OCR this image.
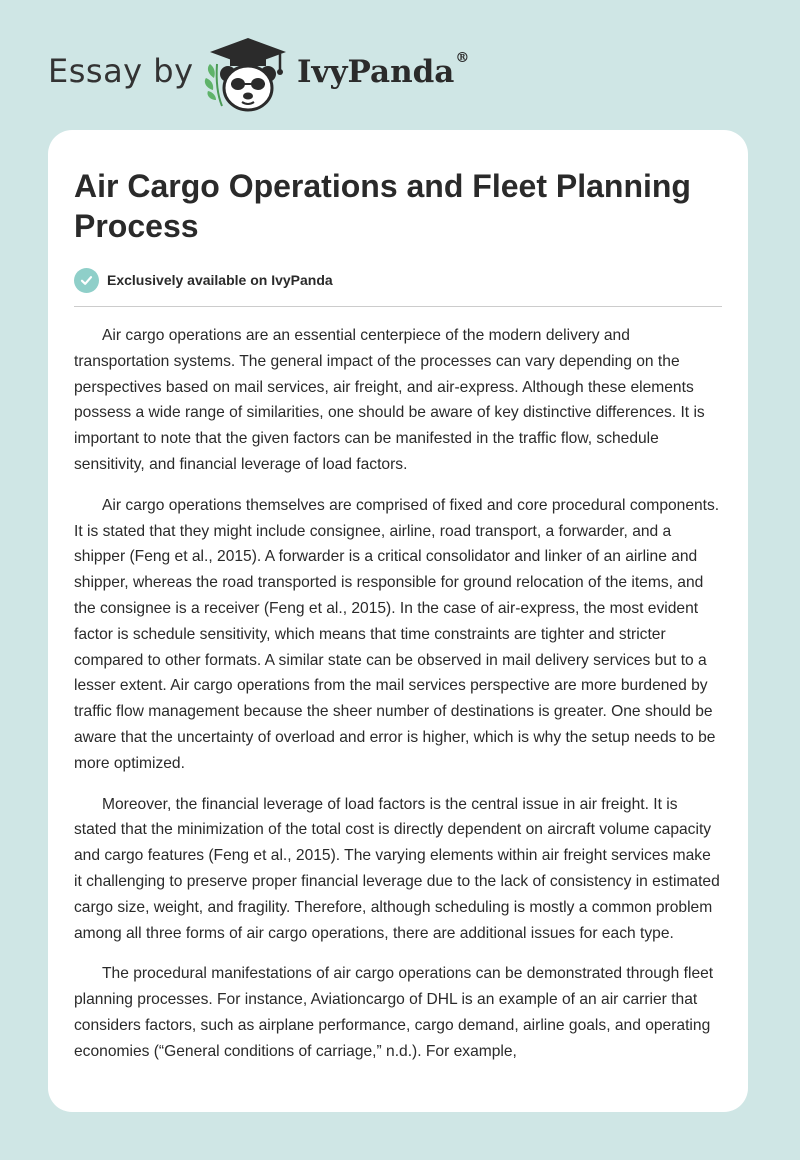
Essay by	IvyPanda®
Air Cargo Operations and Fleet Planning Process
Exclusively available on IvyPanda

Air cargo operations are an essential centerpiece of the modern delivery and transportation systems. The general impact of the processes can vary depending on the perspectives based on mail services, air freight, and air-express. Although these elements possess a wide range of similarities, one should be aware of key distinctive differences. It is important to note that the given factors can be manifested in the traffic flow, schedule sensitivity, and financial leverage of load factors.

Air cargo operations themselves are comprised of fixed and core procedural components. It is stated that they might include consignee, airline, road transport, a forwarder, and a shipper (Feng et al., 2015). A forwarder is a critical consolidator and linker of an airline and shipper, whereas the road transported is responsible for ground relocation of the items, and the consignee is a receiver (Feng et al., 2015). In the case of air-express, the most evident factor is schedule sensitivity, which means that time constraints are tighter and stricter compared to other formats. A similar state can be observed in mail delivery services but to a lesser extent. Air cargo operations from the mail services perspective are more burdened by traffic flow management because the sheer number of destinations is greater. One should be aware that the uncertainty of overload and error is higher, which is why the setup needs to be more optimized.

Moreover, the financial leverage of load factors is the central issue in air freight. It is stated that the minimization of the total cost is directly dependent on aircraft volume capacity and cargo features (Feng et al., 2015). The varying elements within air freight services make it challenging to preserve proper financial leverage due to the lack of consistency in estimated cargo size, weight, and fragility. Therefore, although scheduling is mostly a common problem among all three forms of air cargo operations, there are additional issues for each type.

The procedural manifestations of air cargo operations can be demonstrated through fleet planning processes. For instance, Aviationcargo of DHL is an example of an air carrier that considers factors, such as airplane performance, cargo demand, airline goals, and operating economies (“General conditions of carriage,” n.d.). For example,
